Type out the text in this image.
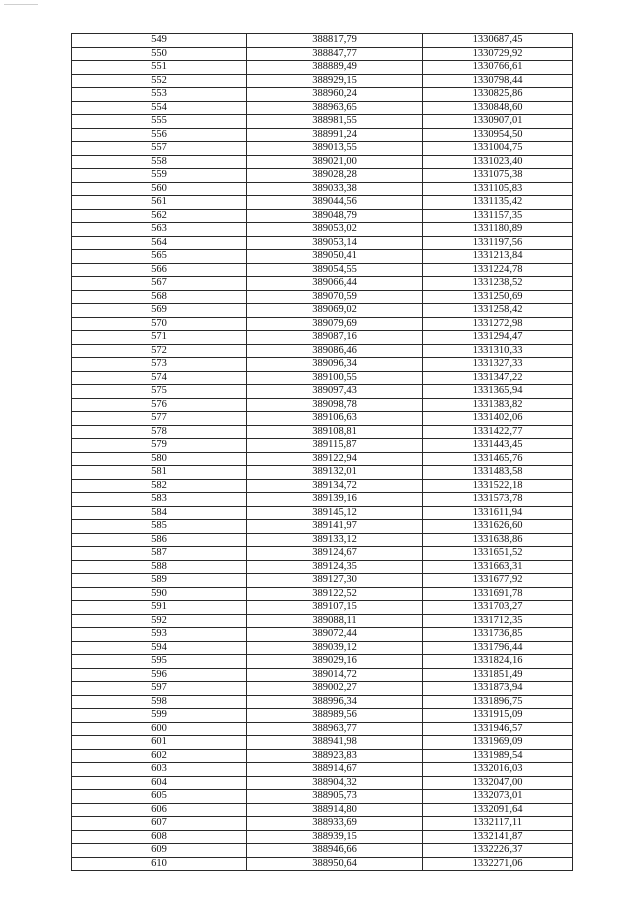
549	388817,79	1330687,45
550	388847,77	1330729,92
551	388889,49	1330766,61
552	388929,15	1330798,44
553	388960,24	1330825,86
554	388963,65	1330848,60
555	388981,55	1330907,01
556	388991,24	1330954,50
557	389013,55	1331004,75
558	389021,00	1331023,40
559	389028,28	1331075,38
560	389033,38	1331105,83
561	389044,56	1331135,42
562	389048,79	1331157,35
563	389053,02	1331180,89
564	389053,14	1331197,56
565	389050,41	1331213,84
566	389054,55	1331224,78
567	389066,44	1331238,52
568	389070,59	1331250,69
569	389069,02	1331258,42
570	389079,69	1331272,98
571	389087,16	1331294,47
572	389086,46	1331310,33
573	389096,34	1331327,33
574	389100,55	1331347,22
575	389097,43	1331365,94
576	389098,78	1331383,82
577	389106,63	1331402,06
578	389108,81	1331422,77
579	389115,87	1331443,45
580	389122,94	1331465,76
581	389132,01	1331483,58
582	389134,72	1331522,18
583	389139,16	1331573,78
584	389145,12	1331611,94
585	389141,97	1331626,60
586	389133,12	1331638,86
587	389124,67	1331651,52
588	389124,35	1331663,31
589	389127,30	1331677,92
590	389122,52	1331691,78
591	389107,15	1331703,27
592	389088,11	1331712,35
593	389072,44	1331736,85
594	389039,12	1331796,44
595	389029,16	1331824,16
596	389014,72	1331851,49
597	389002,27	1331873,94
598	388996,34	1331896,75
599	388989,56	1331915,09
600	388963,77	1331946,57
601	388941,98	1331969,09
602	388923,83	1331989,54
603	388914,67	1332016,03
604	388904,32	1332047,00
605	388905,73	1332073,01
606	388914,80	1332091,64
607	388933,69	1332117,11
608	388939,15	1332141,87
609	388946,66	1332226,37
610	388950,64	1332271,06
